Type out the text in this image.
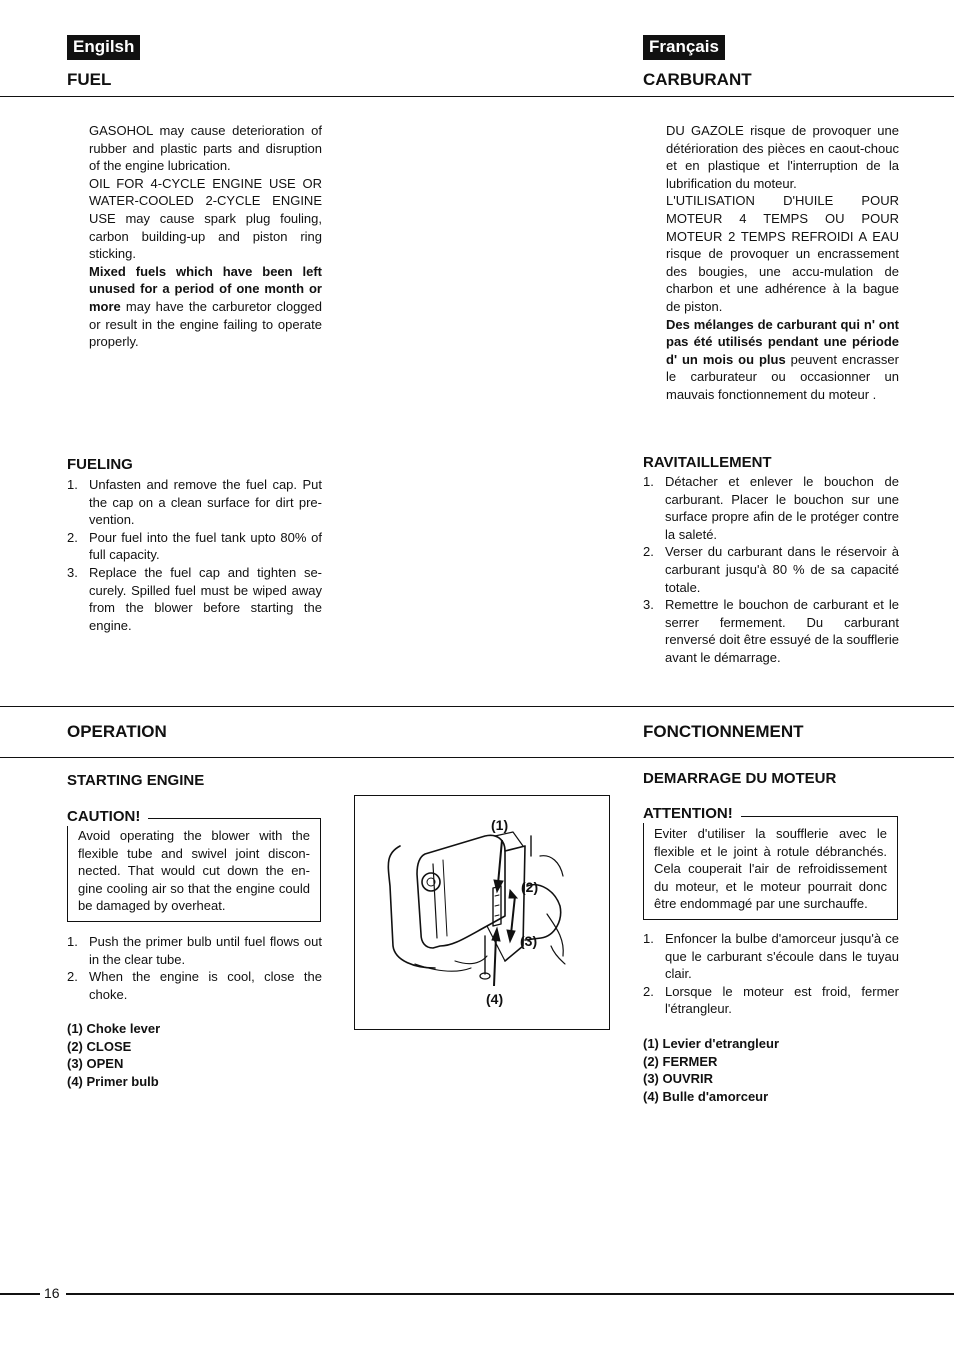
Engilsh	Français
FUEL	CARBURANT

GASOHOL may cause deterioration of rubber and plastic parts and disruption of the engine lubrication.

OIL FOR 4-CYCLE ENGINE USE OR WATER-COOLED 2-CYCLE ENGINE USE may cause spark plug fouling, carbon building-up and piston ring sticking.

Mixed fuels which have been left unused for a period of one month or more may have the carburetor clogged or result in the engine failing to operate properly.

DU GAZOLE risque de provoquer une détérioration des pièces en caout-chouc et en plastique et l'interruption de la lubrification du moteur.

L'UTILISATION D'HUILE POUR MOTEUR 4 TEMPS OU POUR MOTEUR 2 TEMPS REFROIDI A EAU risque de provoquer un encrassement des bougies, une accu-mulation de charbon et une adhérence à la bague de piston.

Des mélanges de carburant qui n' ont pas été utilisés pendant une période d' un mois ou plus peuvent encrasser le carburateur ou occasionner un mauvais fonctionnement du moteur .

FUELING
1. Unfasten and remove the fuel cap. Put the cap on a clean surface for dirt pre-vention.
2. Pour fuel into the fuel tank upto 80% of full capacity.
3. Replace the fuel cap and tighten se-curely. Spilled fuel must be wiped away from the blower before starting the engine.
RAVITAILLEMENT
1. Détacher et enlever le bouchon de carburant. Placer le bouchon sur une surface propre afin de le protéger contre la saleté.
2. Verser du carburant dans le réservoir à carburant jusqu'à 80 % de sa capacité totale.
3. Remettre le bouchon de carburant et le serrer fermement. Du carburant renversé doit être essuyé de la soufflerie avant le démarrage.
OPERATION	FONCTIONNEMENT
STARTING ENGINE
Avoid operating the blower with the flexible tube and swivel joint discon-nected. That would cut down the en-gine cooling air so that the engine could be damaged by overheat.
CAUTION!
1. Push the primer bulb until fuel flows out in the clear tube.
2. When the engine is cool, close the choke.
(1) Choke lever
(2) CLOSE
(3) OPEN
(4) Primer bulb
(1)
(2)
(3)
(4)
DEMARRAGE DU MOTEUR
Eviter d'utiliser la soufflerie avec le flexible et le joint à rotule débranchés. Cela couperait l'air de refroidissement du moteur, et le moteur pourrait donc être endommagé par une surchauffe.
ATTENTION!
1. Enfoncer la bulbe d'amorceur jusqu'à ce que le carburant s'écoule dans le tuyau clair.
2. Lorsque le moteur est froid, fermer l'étrangleur.
(1) Levier d'etrangleur
(2) FERMER
(3) OUVRIR
(4) Bulle d'amorceur
16
